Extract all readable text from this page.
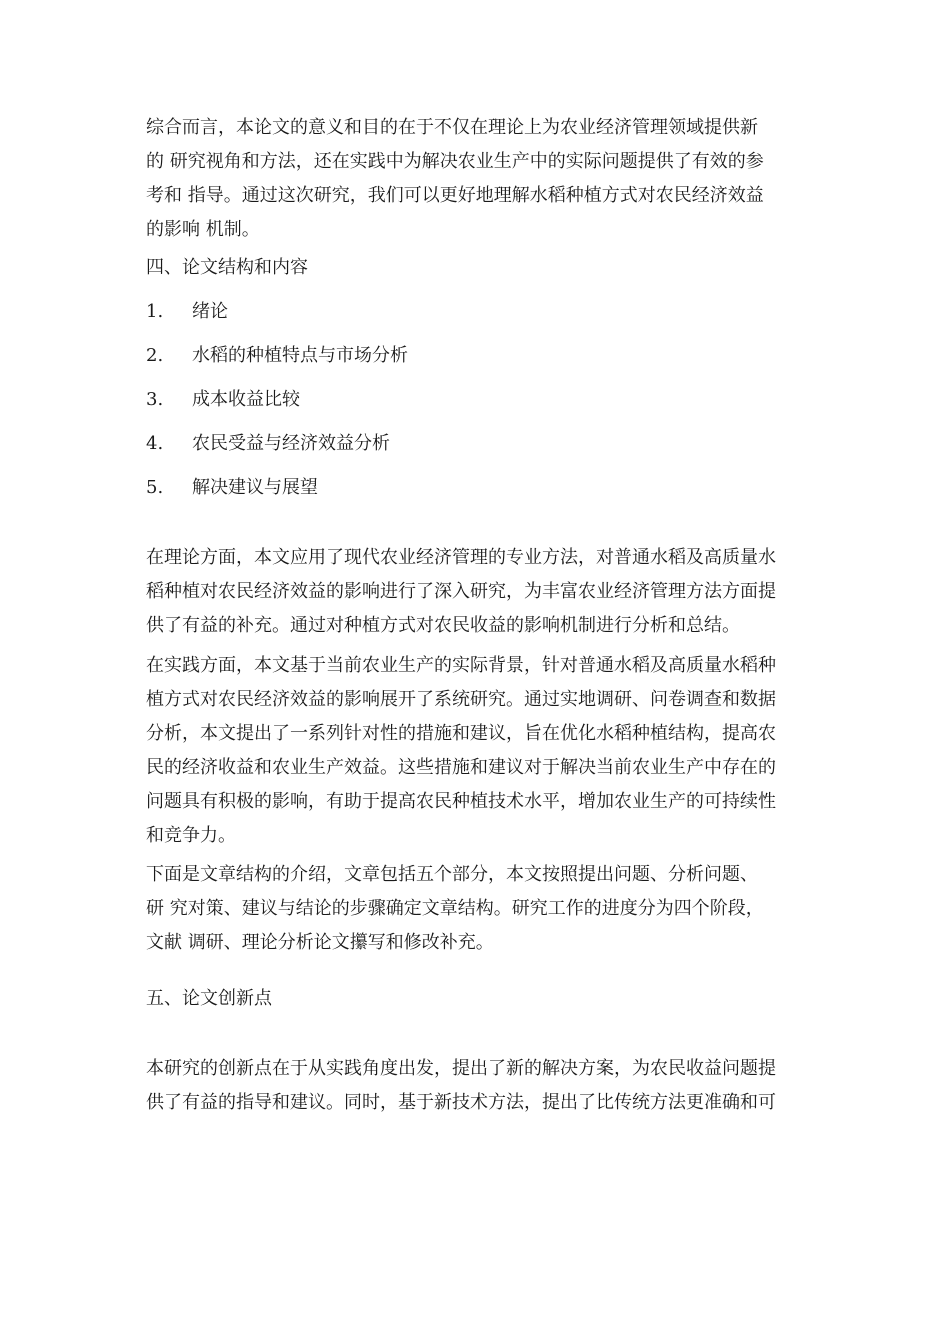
综合而言，本论文的意义和目的在于不仅在理论上为农业经济管理领域提供新
的 研究视角和方法，还在实践中为解决农业生产中的实际问题提供了有效的参
考和 指导。通过这次研究，我们可以更好地理解水稻种植方式对农民经济效益
的影响 机制。
四、论文结构和内容
1. 绪论
2. 水稻的种植特点与市场分析
3. 成本收益比较
4. 农民受益与经济效益分析
5. 解决建议与展望
在理论方面，本文应用了现代农业经济管理的专业方法，对普通水稻及高质量水
稻种植对农民经济效益的影响进行了深入研究，为丰富农业经济管理方法方面提
供了有益的补充。通过对种植方式对农民收益的影响机制进行分析和总结。
在实践方面，本文基于当前农业生产的实际背景，针对普通水稻及高质量水稻种
植方式对农民经济效益的影响展开了系统研究。通过实地调研、问卷调查和数据
分析，本文提出了一系列针对性的措施和建议，旨在优化水稻种植结构，提高农
民的经济收益和农业生产效益。这些措施和建议对于解决当前农业生产中存在的
问题具有积极的影响，有助于提高农民种植技术水平，增加农业生产的可持续性
和竞争力。
下面是文章结构的介绍，文章包括五个部分，本文按照提出问题、分析问题、
研 究对策、建议与结论的步骤确定文章结构。研究工作的进度分为四个阶段，
文献 调研、理论分析论文攥写和修改补充。
五、论文创新点
本研究的创新点在于从实践角度出发，提出了新的解决方案，为农民收益问题提
供了有益的指导和建议。同时，基于新技术方法，提出了比传统方法更准确和可
